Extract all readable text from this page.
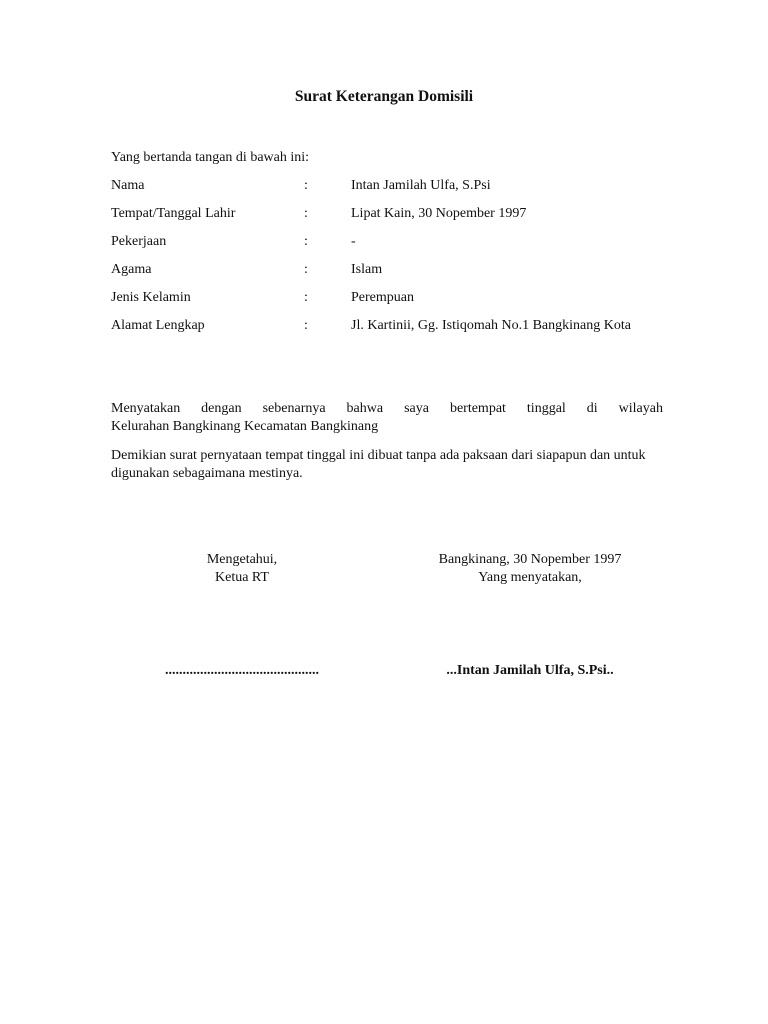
Surat Keterangan Domisili
Yang bertanda tangan di bawah ini:
Nama	:	Intan Jamilah Ulfa, S.Psi
Tempat/Tanggal Lahir	:	Lipat Kain, 30 Nopember 1997
Pekerjaan	:	-
Agama	:	Islam
Jenis Kelamin	:	Perempuan
Alamat Lengkap	:	Jl. Kartinii, Gg. Istiqomah No.1 Bangkinang Kota
Menyatakan dengan sebenarnya bahwa saya bertempat tinggal di wilayah
Kelurahan Bangkinang Kecamatan Bangkinang
Demikian surat pernyataan tempat tinggal ini dibuat tanpa ada paksaan dari siapapun dan untuk digunakan sebagaimana mestinya.
Mengetahui,
Ketua RT
Bangkinang, 30 Nopember 1997
Yang menyatakan,
............................................	...Intan Jamilah Ulfa, S.Psi..
